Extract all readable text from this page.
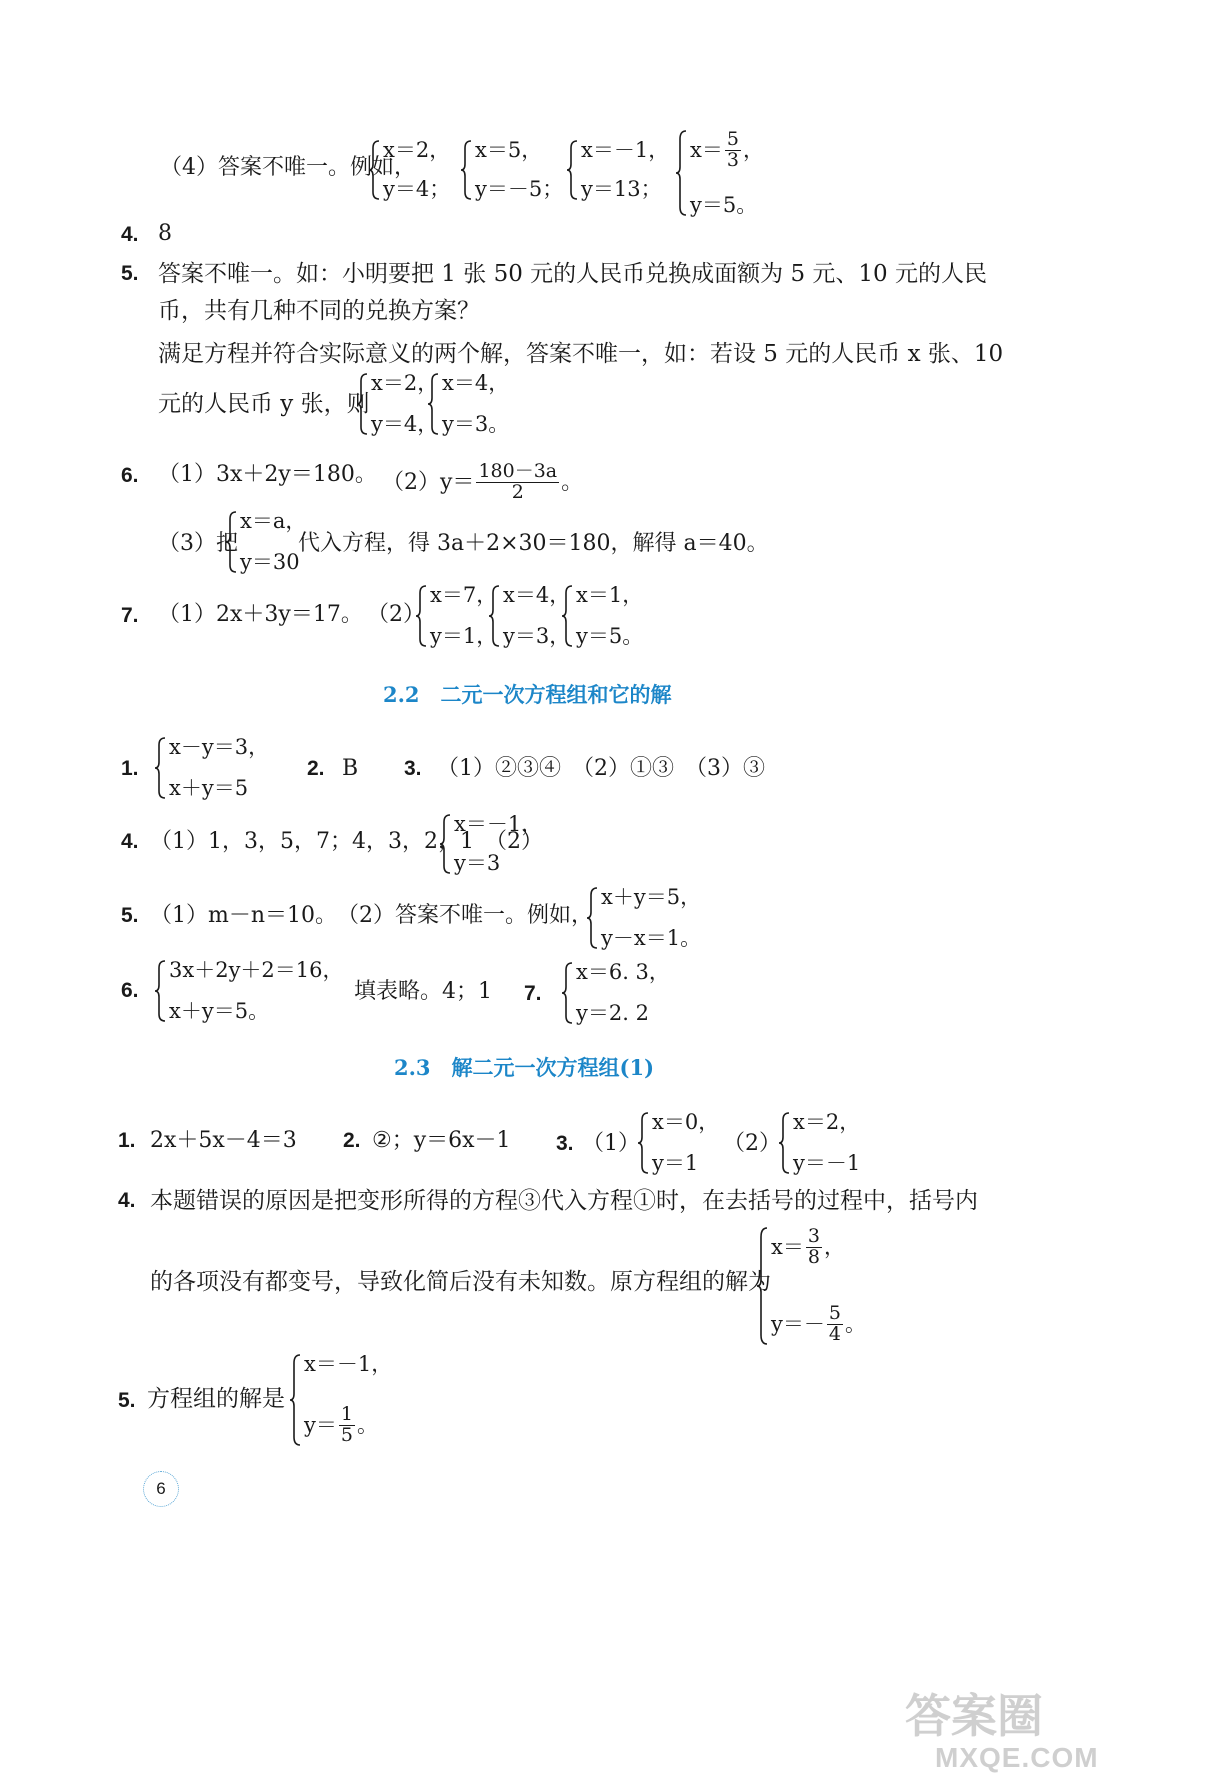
（4）答案不唯一。例如，
x＝2，
y＝4；
x＝5，
y＝－5；
x＝－1，
y＝13；
$x= \frac{5}{3}$ ，
y＝5。
4. 8
5. 答案不唯一。如：小明要把 1 张 50 元的人民币兑换成面额为 5 元、10 元的人民
币，共有几种不同的兑换方案？
满足方程并符合实际意义的两个解，答案不唯一，如：若设 5 元的人民币 x 张、10
元的人民币 y 张，则
x＝2，
y＝4，
x＝4，
y＝3。
6. （1）3x＋2y＝180。 $(2)y= \frac{180-3a}{2}$ 。
（3）把
x＝a，
y＝30
代入方程，得 3a＋2×30＝180，解得 a＝40。
7. （1）2x＋3y＝17。 （2）
x＝7，
y＝1，
x＝4，
y＝3，
x＝1，
y＝5。
2.2　二元一次方程组和它的解
1.
x－y＝3，
x＋y＝5
2. B 3. （1）②③④　（2）①③　（3）③
4. （1）1，3，5，7；4，3，2，1　（2）
x＝－1，
y＝3
5. （1）m－n＝10。　（2）答案不唯一。例如，
x＋y＝5，
y－x＝1。
6.
3x＋2y＋2＝16，
x＋y＝5。
填表略。4；1 7.
x＝6. 3，
y＝2. 2
2.3　解二元一次方程组(1)
1. 2x＋5x－4＝3 2. ②；y＝6x－1 3. （1）
x＝0，
y＝1
（2）
x＝2，
y＝－1
4. 本题错误的原因是把变形所得的方程③代入方程①时，在去括号的过程中，括号内
的各项没有都变号，导致化简后没有未知数。原方程组的解为
$x= \frac{3}{8}$ ，
$y=- \frac{5}{4}$ 。
5. 方程组的解是
x＝－1，
$y= \frac{1}{5}$ 。
6
答案圈
MXQE.COM
